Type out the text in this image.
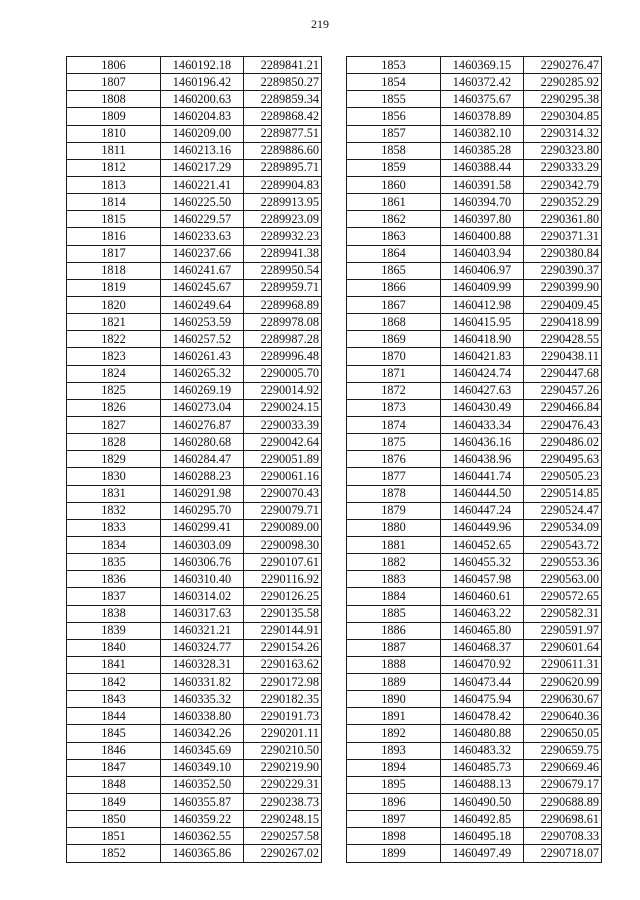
219
1806	1460192.18	2289841.21
1807	1460196.42	2289850.27
1808	1460200.63	2289859.34
1809	1460204.83	2289868.42
1810	1460209.00	2289877.51
1811	1460213.16	2289886.60
1812	1460217.29	2289895.71
1813	1460221.41	2289904.83
1814	1460225.50	2289913.95
1815	1460229.57	2289923.09
1816	1460233.63	2289932.23
1817	1460237.66	2289941.38
1818	1460241.67	2289950.54
1819	1460245.67	2289959.71
1820	1460249.64	2289968.89
1821	1460253.59	2289978.08
1822	1460257.52	2289987.28
1823	1460261.43	2289996.48
1824	1460265.32	2290005.70
1825	1460269.19	2290014.92
1826	1460273.04	2290024.15
1827	1460276.87	2290033.39
1828	1460280.68	2290042.64
1829	1460284.47	2290051.89
1830	1460288.23	2290061.16
1831	1460291.98	2290070.43
1832	1460295.70	2290079.71
1833	1460299.41	2290089.00
1834	1460303.09	2290098.30
1835	1460306.76	2290107.61
1836	1460310.40	2290116.92
1837	1460314.02	2290126.25
1838	1460317.63	2290135.58
1839	1460321.21	2290144.91
1840	1460324.77	2290154.26
1841	1460328.31	2290163.62
1842	1460331.82	2290172.98
1843	1460335.32	2290182.35
1844	1460338.80	2290191.73
1845	1460342.26	2290201.11
1846	1460345.69	2290210.50
1847	1460349.10	2290219.90
1848	1460352.50	2290229.31
1849	1460355.87	2290238.73
1850	1460359.22	2290248.15
1851	1460362.55	2290257.58
1852	1460365.86	2290267.02
1853	1460369.15	2290276.47
1854	1460372.42	2290285.92
1855	1460375.67	2290295.38
1856	1460378.89	2290304.85
1857	1460382.10	2290314.32
1858	1460385.28	2290323.80
1859	1460388.44	2290333.29
1860	1460391.58	2290342.79
1861	1460394.70	2290352.29
1862	1460397.80	2290361.80
1863	1460400.88	2290371.31
1864	1460403.94	2290380.84
1865	1460406.97	2290390.37
1866	1460409.99	2290399.90
1867	1460412.98	2290409.45
1868	1460415.95	2290418.99
1869	1460418.90	2290428.55
1870	1460421.83	2290438.11
1871	1460424.74	2290447.68
1872	1460427.63	2290457.26
1873	1460430.49	2290466.84
1874	1460433.34	2290476.43
1875	1460436.16	2290486.02
1876	1460438.96	2290495.63
1877	1460441.74	2290505.23
1878	1460444.50	2290514.85
1879	1460447.24	2290524.47
1880	1460449.96	2290534.09
1881	1460452.65	2290543.72
1882	1460455.32	2290553.36
1883	1460457.98	2290563.00
1884	1460460.61	2290572.65
1885	1460463.22	2290582.31
1886	1460465.80	2290591.97
1887	1460468.37	2290601.64
1888	1460470.92	2290611.31
1889	1460473.44	2290620.99
1890	1460475.94	2290630.67
1891	1460478.42	2290640.36
1892	1460480.88	2290650.05
1893	1460483.32	2290659.75
1894	1460485.73	2290669.46
1895	1460488.13	2290679.17
1896	1460490.50	2290688.89
1897	1460492.85	2290698.61
1898	1460495.18	2290708.33
1899	1460497.49	2290718.07
